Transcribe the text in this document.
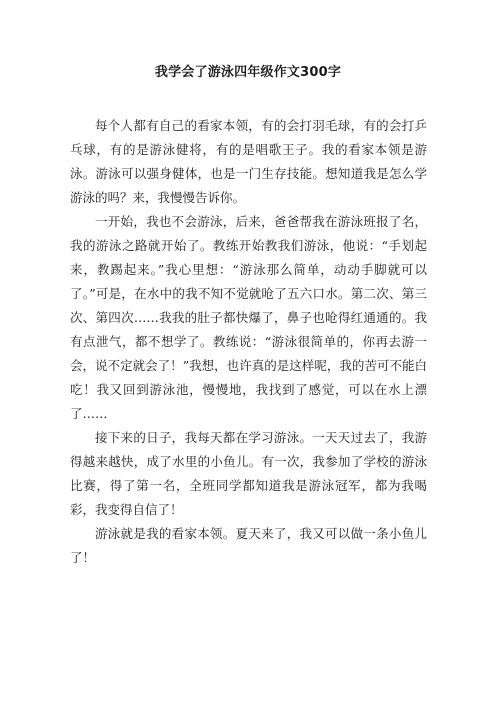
我学会了游泳四年级作文300字

每个人都有自己的看家本领，有的会打羽毛球，有的会打乒乓球，有的是游泳健将，有的是唱歌王子。我的看家本领是游泳。游泳可以强身健体，也是一门生存技能。想知道我是怎么学游泳的吗？来，我慢慢告诉你。

一开始，我也不会游泳，后来，爸爸帮我在游泳班报了名，我的游泳之路就开始了。教练开始教我们游泳，他说：“手划起来，教踢起来。”我心里想：“游泳那么简单，动动手脚就可以了。”可是，在水中的我不知不觉就呛了五六口水。第二次、第三次、第四次……我我的肚子都快爆了，鼻子也呛得红通通的。我有点泄气，都不想学了。教练说：“游泳很简单的，你再去游一会，说不定就会了！”我想，也许真的是这样呢，我的苦可不能白吃！我又回到游泳池，慢慢地，我找到了感觉，可以在水上漂了……

接下来的日子，我每天都在学习游泳。一天天过去了，我游得越来越快，成了水里的小鱼儿。有一次，我参加了学校的游泳比赛，得了第一名，全班同学都知道我是游泳冠军，都为我喝彩，我变得自信了！

游泳就是我的看家本领。夏天来了，我又可以做一条小鱼儿了！
